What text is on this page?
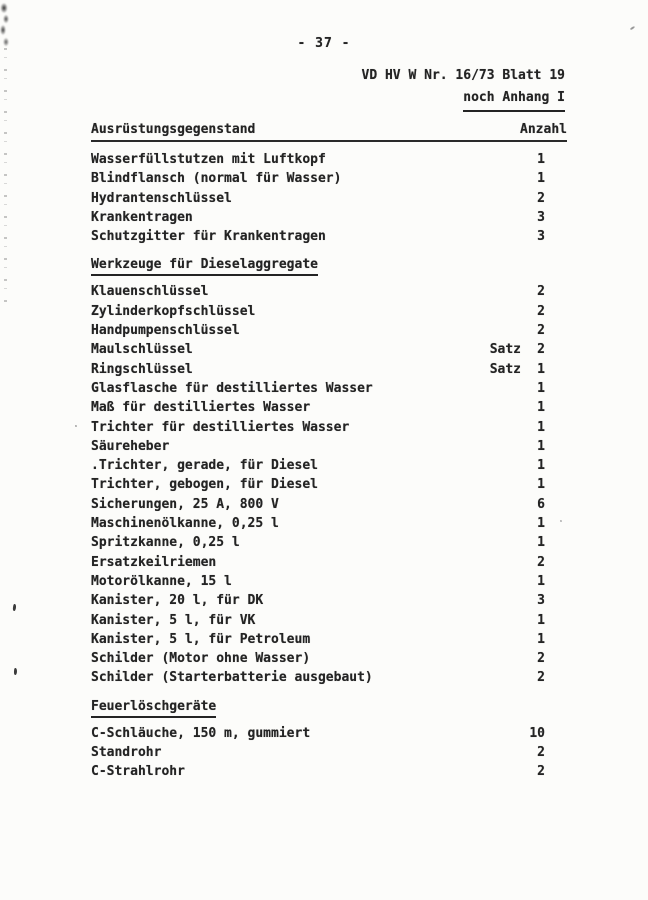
- 37 -
VD HV W Nr. 16/73 Blatt 19
noch Anhang I
Ausrüstungsgegenstand	Anzahl
Wasserfüllstutzen mit Luftkopf	1
Blindflansch (normal für Wasser)	1
Hydrantenschlüssel	2
Krankentragen	3
Schutzgitter für Krankentragen	3
Werkzeuge für Dieselaggregate
Klauenschlüssel	2
Zylinderkopfschlüssel	2
Handpumpenschlüssel	2
Maulschlüssel	Satz	2
Ringschlüssel	Satz	1
Glasflasche für destilliertes Wasser	1
Maß für destilliertes Wasser	1
Trichter für destilliertes Wasser	1
Säureheber	1
.Trichter, gerade, für Diesel	1
Trichter, gebogen, für Diesel	1
Sicherungen, 25 A, 800 V	6
Maschinenölkanne, 0,25 l	1
Spritzkanne, 0,25 l	1
Ersatzkeilriemen	2
Motorölkanne, 15 l	1
Kanister, 20 l, für DK	3
Kanister, 5 l, für VK	1
Kanister, 5 l, für Petroleum	1
Schilder (Motor ohne Wasser)	2
Schilder (Starterbatterie ausgebaut)	2
Feuerlöschgeräte
C-Schläuche, 150 m, gummiert	10
Standrohr	2
C-Strahlrohr	2
